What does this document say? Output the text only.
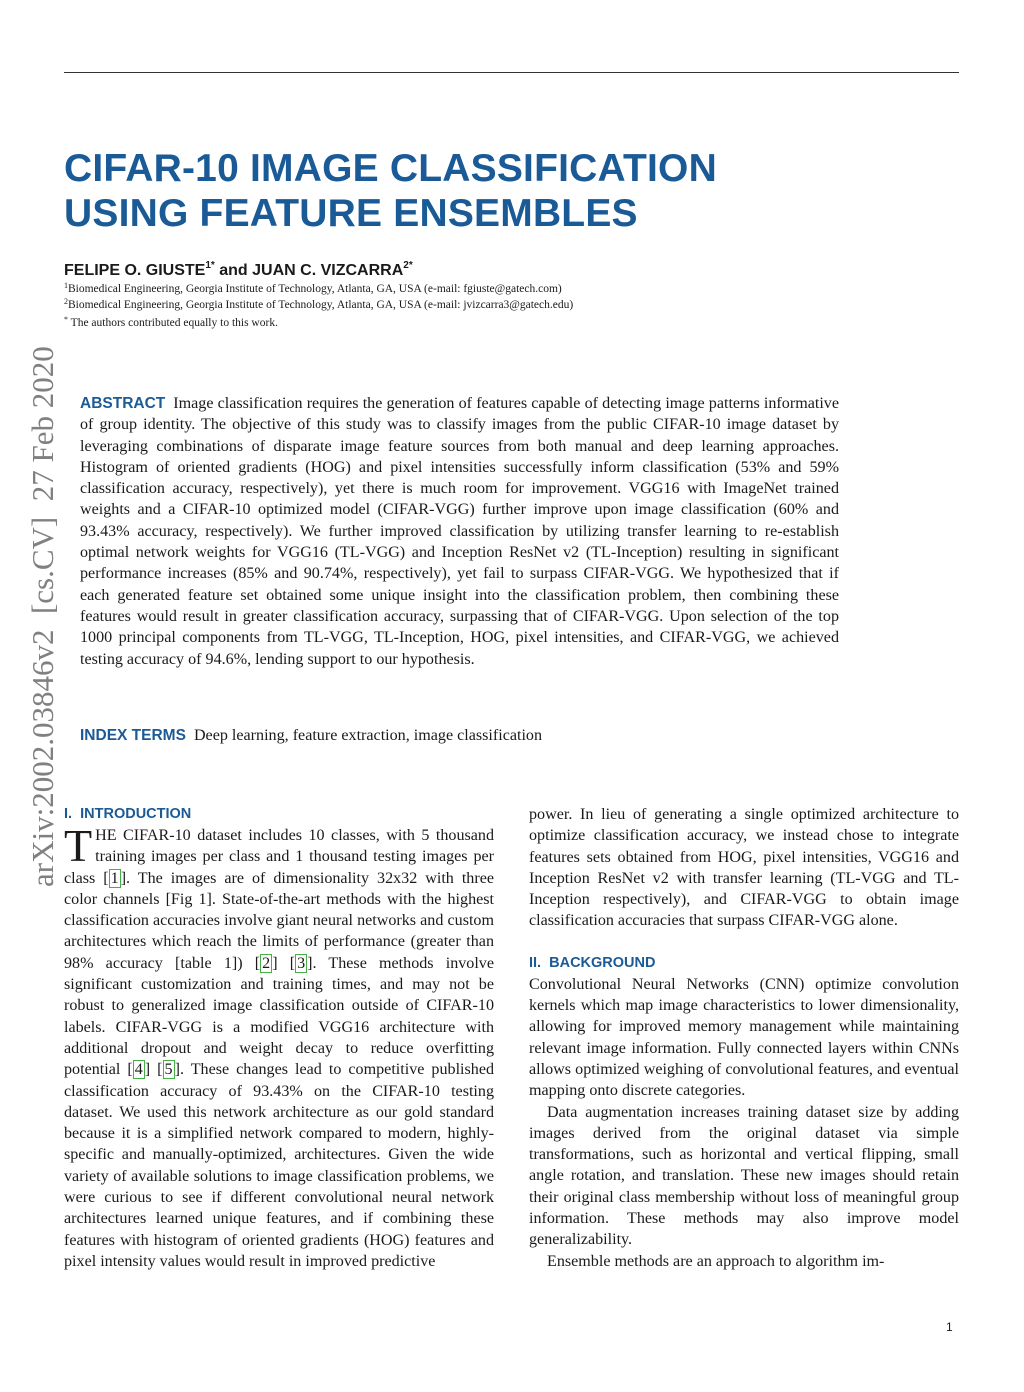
CIFAR-10 IMAGE CLASSIFICATION
USING FEATURE ENSEMBLES

FELIPE O. $GIUSTE^{1*}$ and JUAN C. $VIZCARRA^{2*}$

$^1$Biomedical Engineering, Georgia Institute of Technology, Atlanta, GA, USA (e-mail: fgiuste@gatech.com)
$^2$Biomedical Engineering, Georgia Institute of Technology, Atlanta, GA, USA (e-mail: jvizcarra3@gatech.edu)
* The authors contributed equally to this work.
arXiv:2002.03846v2  [cs.CV]  27 Feb 2020 ABSTRACT Image classification requires the generation of features capable of detecting image patterns informative of group identity. The objective of this study was to classify images from the public CIFAR-10 image dataset by leveraging combinations of disparate image feature sources from both manual and deep learning approaches. Histogram of oriented gradients (HOG) and pixel intensities successfully inform classification (53% and 59% classification accuracy, respectively), yet there is much room for improvement. VGG16 with ImageNet trained weights and a CIFAR-10 optimized model (CIFAR-VGG) further improve upon image classification (60% and 93.43% accuracy, respectively). We further improved classification by utilizing transfer learning to re-establish optimal network weights for VGG16 (TL-VGG) and Inception ResNet v2 (TL-Inception) resulting in significant performance increases (85% and 90.74%, respectively), yet fail to surpass CIFAR-VGG. We hypothesized that if each generated feature set obtained some unique insight into the classification problem, then combining these features would result in greater classification accuracy, surpassing that of CIFAR-VGG. Upon selection of the top 1000 principal components from TL-VGG, TL-Inception, HOG, pixel intensities, and CIFAR-VGG, we achieved testing accuracy of 94.6%, lending support to our hypothesis.

INDEX TERMS Deep learning, feature extraction, image classification

I.  INTRODUCTION

THE CIFAR-10 dataset includes 10 classes, with 5 thousand training images per class and 1 thousand testing images per class [ 1 ]. The images are of dimensionality 32x32 with three color channels [Fig 1]. State-of-the-art methods with the highest classification accuracies involve giant neural networks and custom architectures which reach the limits of performance (greater than 98% accuracy [table 1]) [ 2 ] [ 3 ]. These methods involve significant customization and training times, and may not be robust to generalized image classification outside of CIFAR-10 labels. CIFAR-VGG is a modified VGG16 architecture with additional dropout and weight decay to reduce overfitting potential [ 4 ] [ 5 ]. These changes lead to competitive published classification accuracy of 93.43% on the CIFAR-10 testing dataset. We used this network architecture as our gold standard because it is a simplified network compared to modern, highly-specific and manually-optimized, architectures. Given the wide variety of available solutions to image classification problems, we were curious to see if different convolutional neural network architectures learned unique features, and if combining these features with histogram of oriented gradients (HOG) features and pixel intensity values would result in improved predictive

power. In lieu of generating a single optimized architecture to optimize classification accuracy, we instead chose to integrate features sets obtained from HOG, pixel intensities, VGG16 and Inception ResNet v2 with transfer learning (TL-VGG and TL-Inception respectively), and CIFAR-VGG to obtain image classification accuracies that surpass CIFAR-VGG alone.

II.  BACKGROUND

Convolutional Neural Networks (CNN) optimize convolution kernels which map image characteristics to lower dimensionality, allowing for improved memory management while maintaining relevant image information. Fully connected layers within CNNs allows optimized weighing of convolutional features, and eventual mapping onto discrete categories.

Data augmentation increases training dataset size by adding images derived from the original dataset via simple transformations, such as horizontal and vertical flipping, small angle rotation, and translation. These new images should retain their original class membership without loss of meaningful group information. These methods may also improve model generalizability.

Ensemble methods are an approach to algorithm im-

1
